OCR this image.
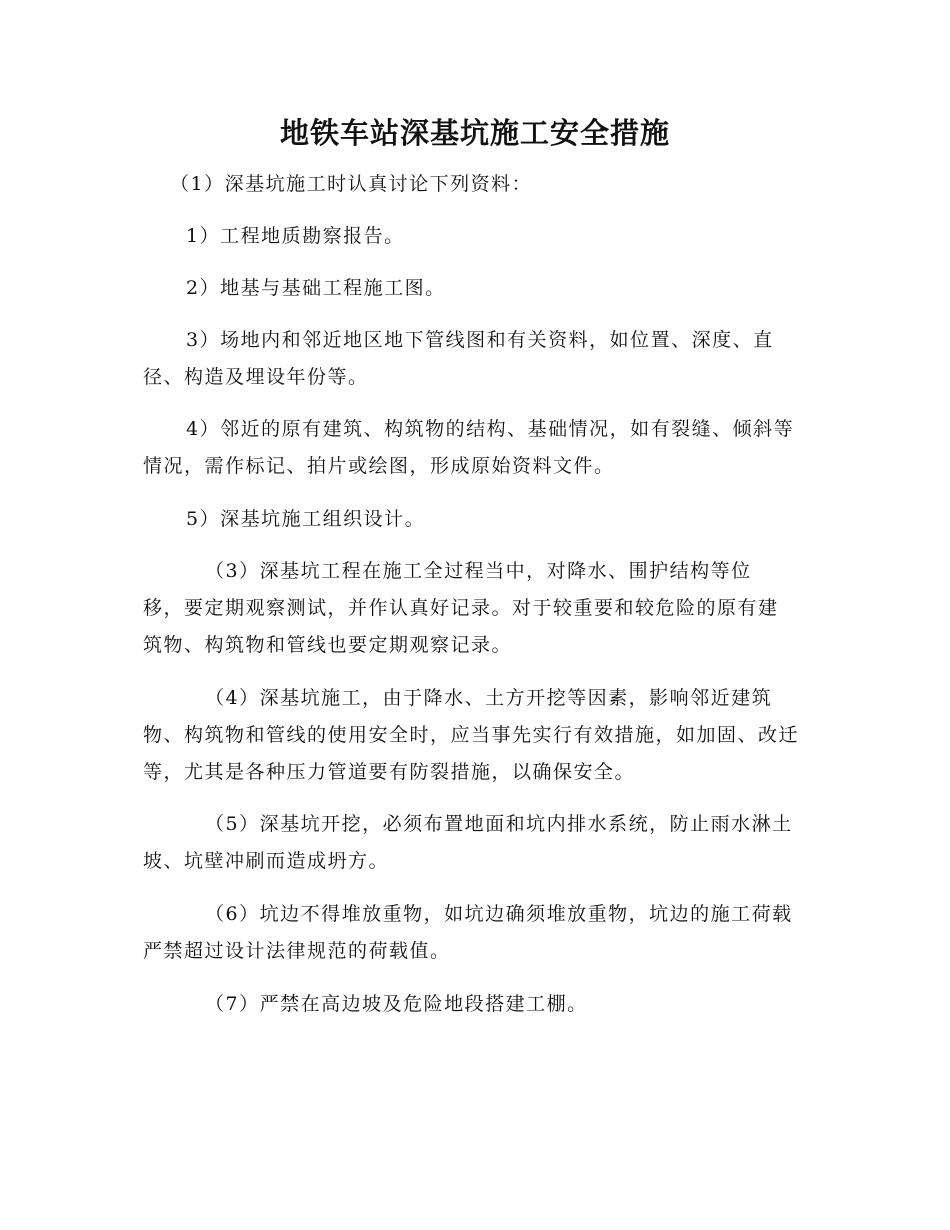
地铁车站深基坑施工安全措施

（1）深基坑施工时认真讨论下列资料：

1）工程地质勘察报告。

2）地基与基础工程施工图。

3）场地内和邻近地区地下管线图和有关资料，如位置、深度、直径、构造及埋设年份等。

4）邻近的原有建筑、构筑物的结构、基础情况，如有裂缝、倾斜等情况，需作标记、拍片或绘图，形成原始资料文件。

5）深基坑施工组织设计。

（3）深基坑工程在施工全过程当中，对降水、围护结构等位移，要定期观察测试，并作认真好记录。对于较重要和较危险的原有建筑物、构筑物和管线也要定期观察记录。

（4）深基坑施工，由于降水、土方开挖等因素，影响邻近建筑物、构筑物和管线的使用安全时，应当事先实行有效措施，如加固、改迁等，尤其是各种压力管道要有防裂措施，以确保安全。

（5）深基坑开挖，必须布置地面和坑内排水系统，防止雨水淋土坡、坑壁冲刷而造成坍方。

（6）坑边不得堆放重物，如坑边确须堆放重物，坑边的施工荷载严禁超过设计法律规范的荷载值。

（7）严禁在高边坡及危险地段搭建工棚。
